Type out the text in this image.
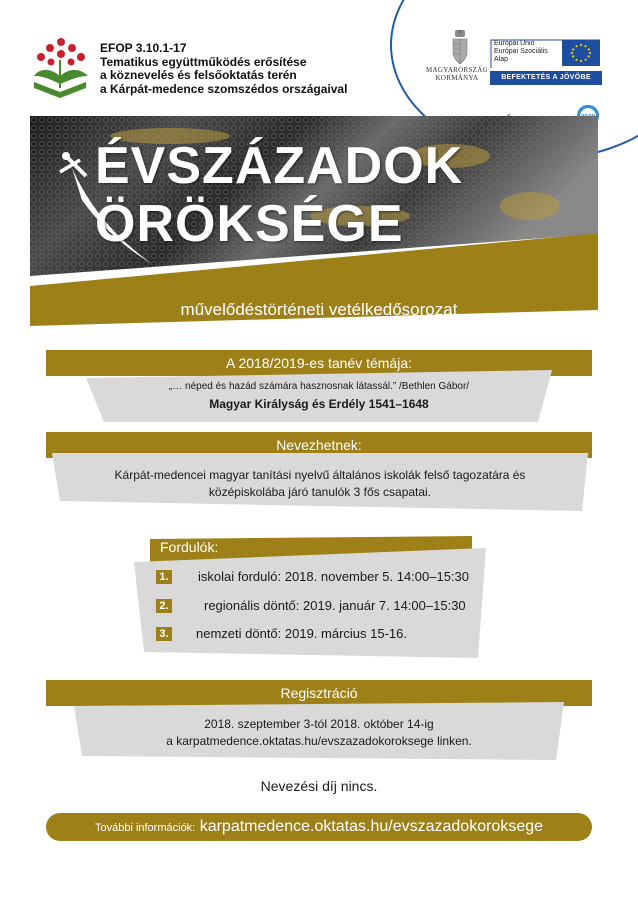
EFOP 3.10.1-17
Tematikus együttműködés erősítése
a köznevelés és felsőoktatás terén
a Kárpát-medence szomszédos országaival
MAGYARORSZÁG
KORMÁNYA
Európai Unió
Európai Szociális
Alap
BEFEKTETÉS A JÖVŐBE
ÉVSZÁZADOK
ÖRÖKSÉGE
művelődéstörténeti vetélkedősorozat
A 2018/2019-es tanév témája:
„… néped és hazád számára hasznosnak látassál.” /Bethlen Gábor/
Magyar Királyság és Erdély 1541–1648
Nevezhetnek:
Kárpát-medencei magyar tanítási nyelvű általános iskolák felső tagozatára és
középiskolába járó tanulók 3 fős csapatai.
Fordulók:
1. iskolai forduló: 2018. november 5. 14:00–15:30
2.	regionális döntő: 2019. január 7. 14:00–15:30
3. nemzeti döntő: 2019. március 15-16.
Regisztráció
2018. szeptember 3-tól 2018. október 14-ig
a karpatmedence.oktatas.hu/evszazadokoroksege linken.
Nevezési díj nincs.
További információk: karpatmedence.oktatas.hu/evszazadokoroksege
